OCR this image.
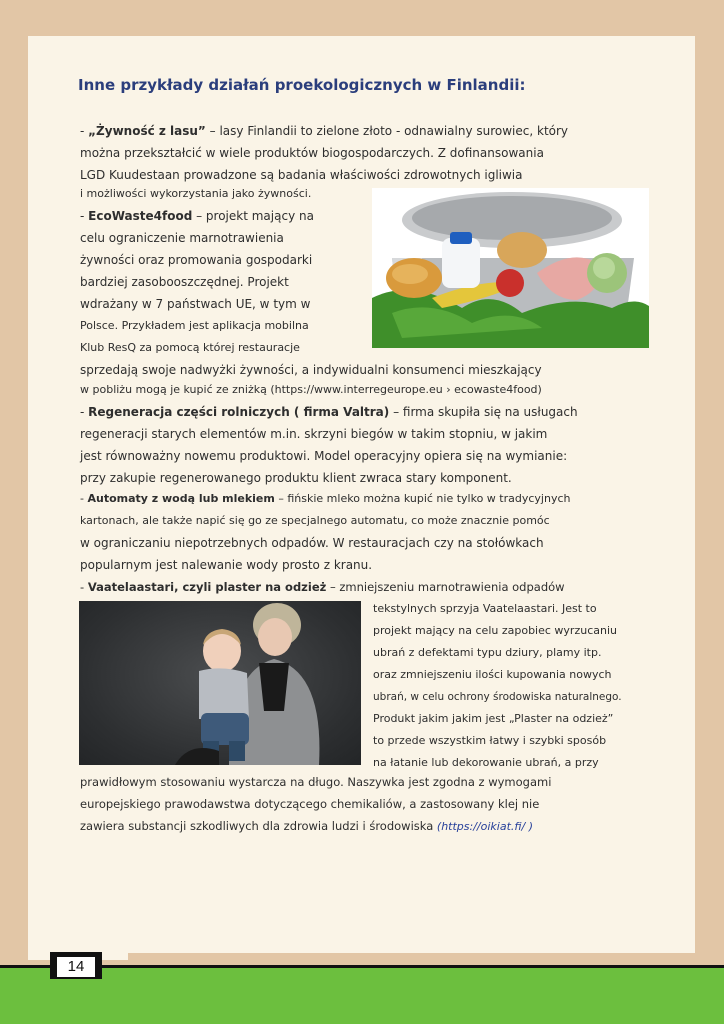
Inne przykłady działań proekologicznych w Finlandii:
- „Żywność z lasu” – lasy Finlandii to zielone złoto - odnawialny surowiec, który
można przekształcić w wiele produktów biogospodarczych. Z dofinansowania
LGD Kuudestaan prowadzone są badania właściwości zdrowotnych igliwia
i możliwości wykorzystania jako żywności.
- EcoWaste4food – projekt mający na
celu ograniczenie marnotrawienia
żywności oraz promowania gospodarki
bardziej zasobooszczędnej. Projekt
wdrażany w 7 państwach UE, w tym w
Polsce. Przykładem jest aplikacja mobilna
Klub ResQ za pomocą której restauracje
sprzedają swoje nadwyżki żywności, a indywidualni konsumenci mieszkający
w pobliżu mogą je kupić ze zniżką (https://www.interregeurope.eu › ecowaste4food)
- Regeneracja części rolniczych ( firma Valtra) – firma skupiła się na usługach
regeneracji starych elementów m.in. skrzyni biegów w takim stopniu, w jakim
jest równoważny nowemu produktowi. Model operacyjny opiera się na wymianie:
przy zakupie regenerowanego produktu klient zwraca stary komponent.
- Automaty z wodą lub mlekiem – fińskie mleko można kupić nie tylko w tradycyjnych
kartonach, ale także napić się go ze specjalnego automatu, co może znacznie pomóc
w ograniczaniu niepotrzebnych odpadów. W restauracjach czy na stołówkach
popularnym jest nalewanie wody prosto z kranu.
- Vaatelaastari, czyli plaster na odzież – zmniejszeniu marnotrawienia odpadów
tekstylnych sprzyja Vaatelaastari. Jest to
projekt mający na celu zapobiec wyrzucaniu
ubrań z defektami typu dziury, plamy itp.
oraz zmniejszeniu ilości kupowania nowych
ubrań, w celu ochrony środowiska naturalnego.
Produkt jakim jakim jest „Plaster na odzież”
to przede wszystkim łatwy i szybki sposób
na łatanie lub dekorowanie ubrań, a przy
prawidłowym stosowaniu wystarcza na długo. Naszywka jest zgodna z wymogami
europejskiego prawodawstwa dotyczącego chemikaliów, a zastosowany klej nie
zawiera substancji szkodliwych dla zdrowia ludzi i środowiska (https://oikiat.fi/ )
14
